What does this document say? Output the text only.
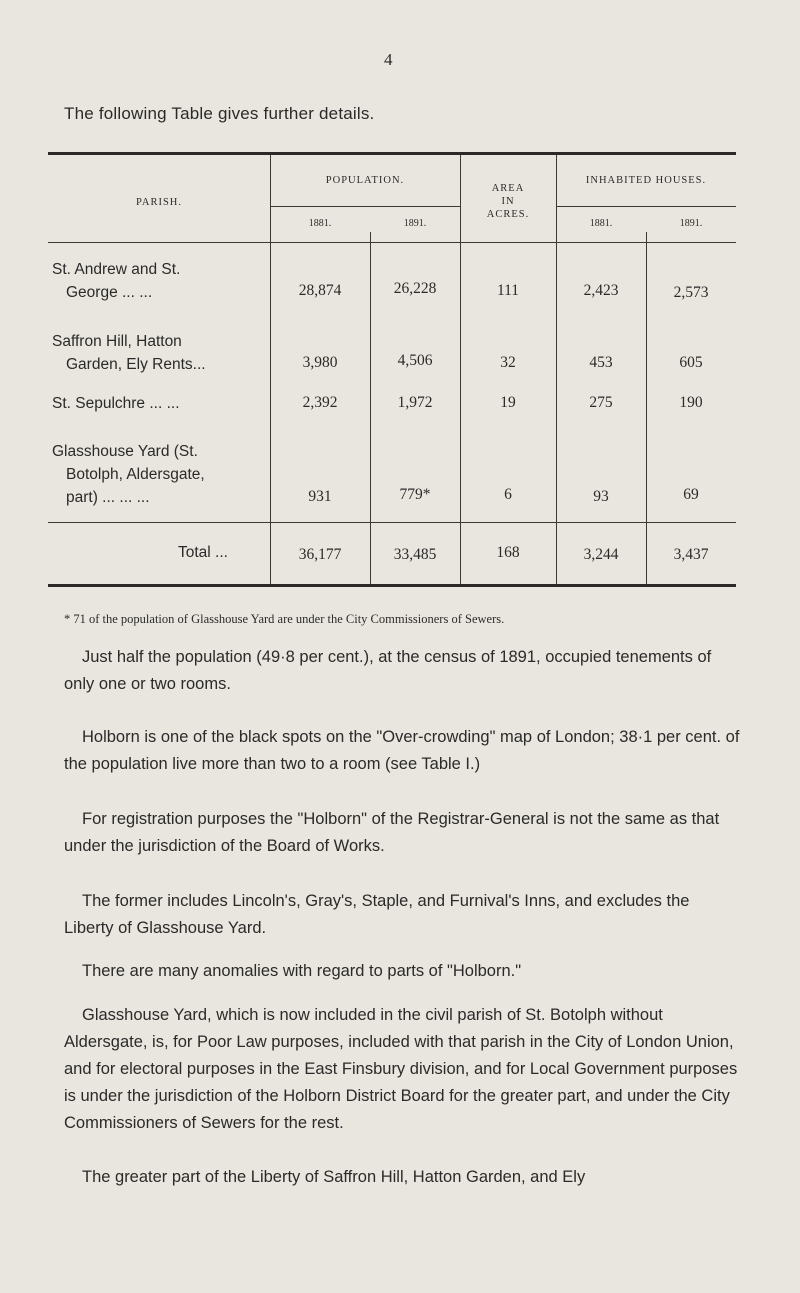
4
The following Table gives further details.
PARISH.
POPULATION.
AREA
IN
ACRES.
INHABITED HOUSES.
1881.	1891.	1881.	1891.
St. Andrew and St.
George ... ...	28,874	26,228	111	2,423	2,573
Saffron Hill, Hatton
Garden, Ely Rents...	3,980	4,506	32	453	605
St. Sepulchre ... ...	2,392	1,972	19	275	190
Glasshouse Yard (St.
Botolph, Aldersgate,
part) ... ... ...	931	779*	6	93	69
Total ...	36,177	33,485	168	3,244	3,437
* 71 of the population of Glasshouse Yard are under the City Commissioners of Sewers.

Just half the population (49·8 per cent.), at the census of 1891, occupied tenements of only one or two rooms.

Holborn is one of the black spots on the "Over-crowding" map of London; 38·1 per cent. of the population live more than two to a room (see Table I.)

For registration purposes the "Holborn" of the Registrar-General is not the same as that under the jurisdiction of the Board of Works.

The former includes Lincoln's, Gray's, Staple, and Furnival's Inns, and excludes the Liberty of Glasshouse Yard.

There are many anomalies with regard to parts of "Holborn."

Glasshouse Yard, which is now included in the civil parish of St. Botolph without Aldersgate, is, for Poor Law purposes, included with that parish in the City of London Union, and for electoral purposes in the East Finsbury division, and for Local Government purposes is under the jurisdiction of the Holborn District Board for the greater part, and under the City Commissioners of Sewers for the rest.

The greater part of the Liberty of Saffron Hill, Hatton Garden, and Ely
